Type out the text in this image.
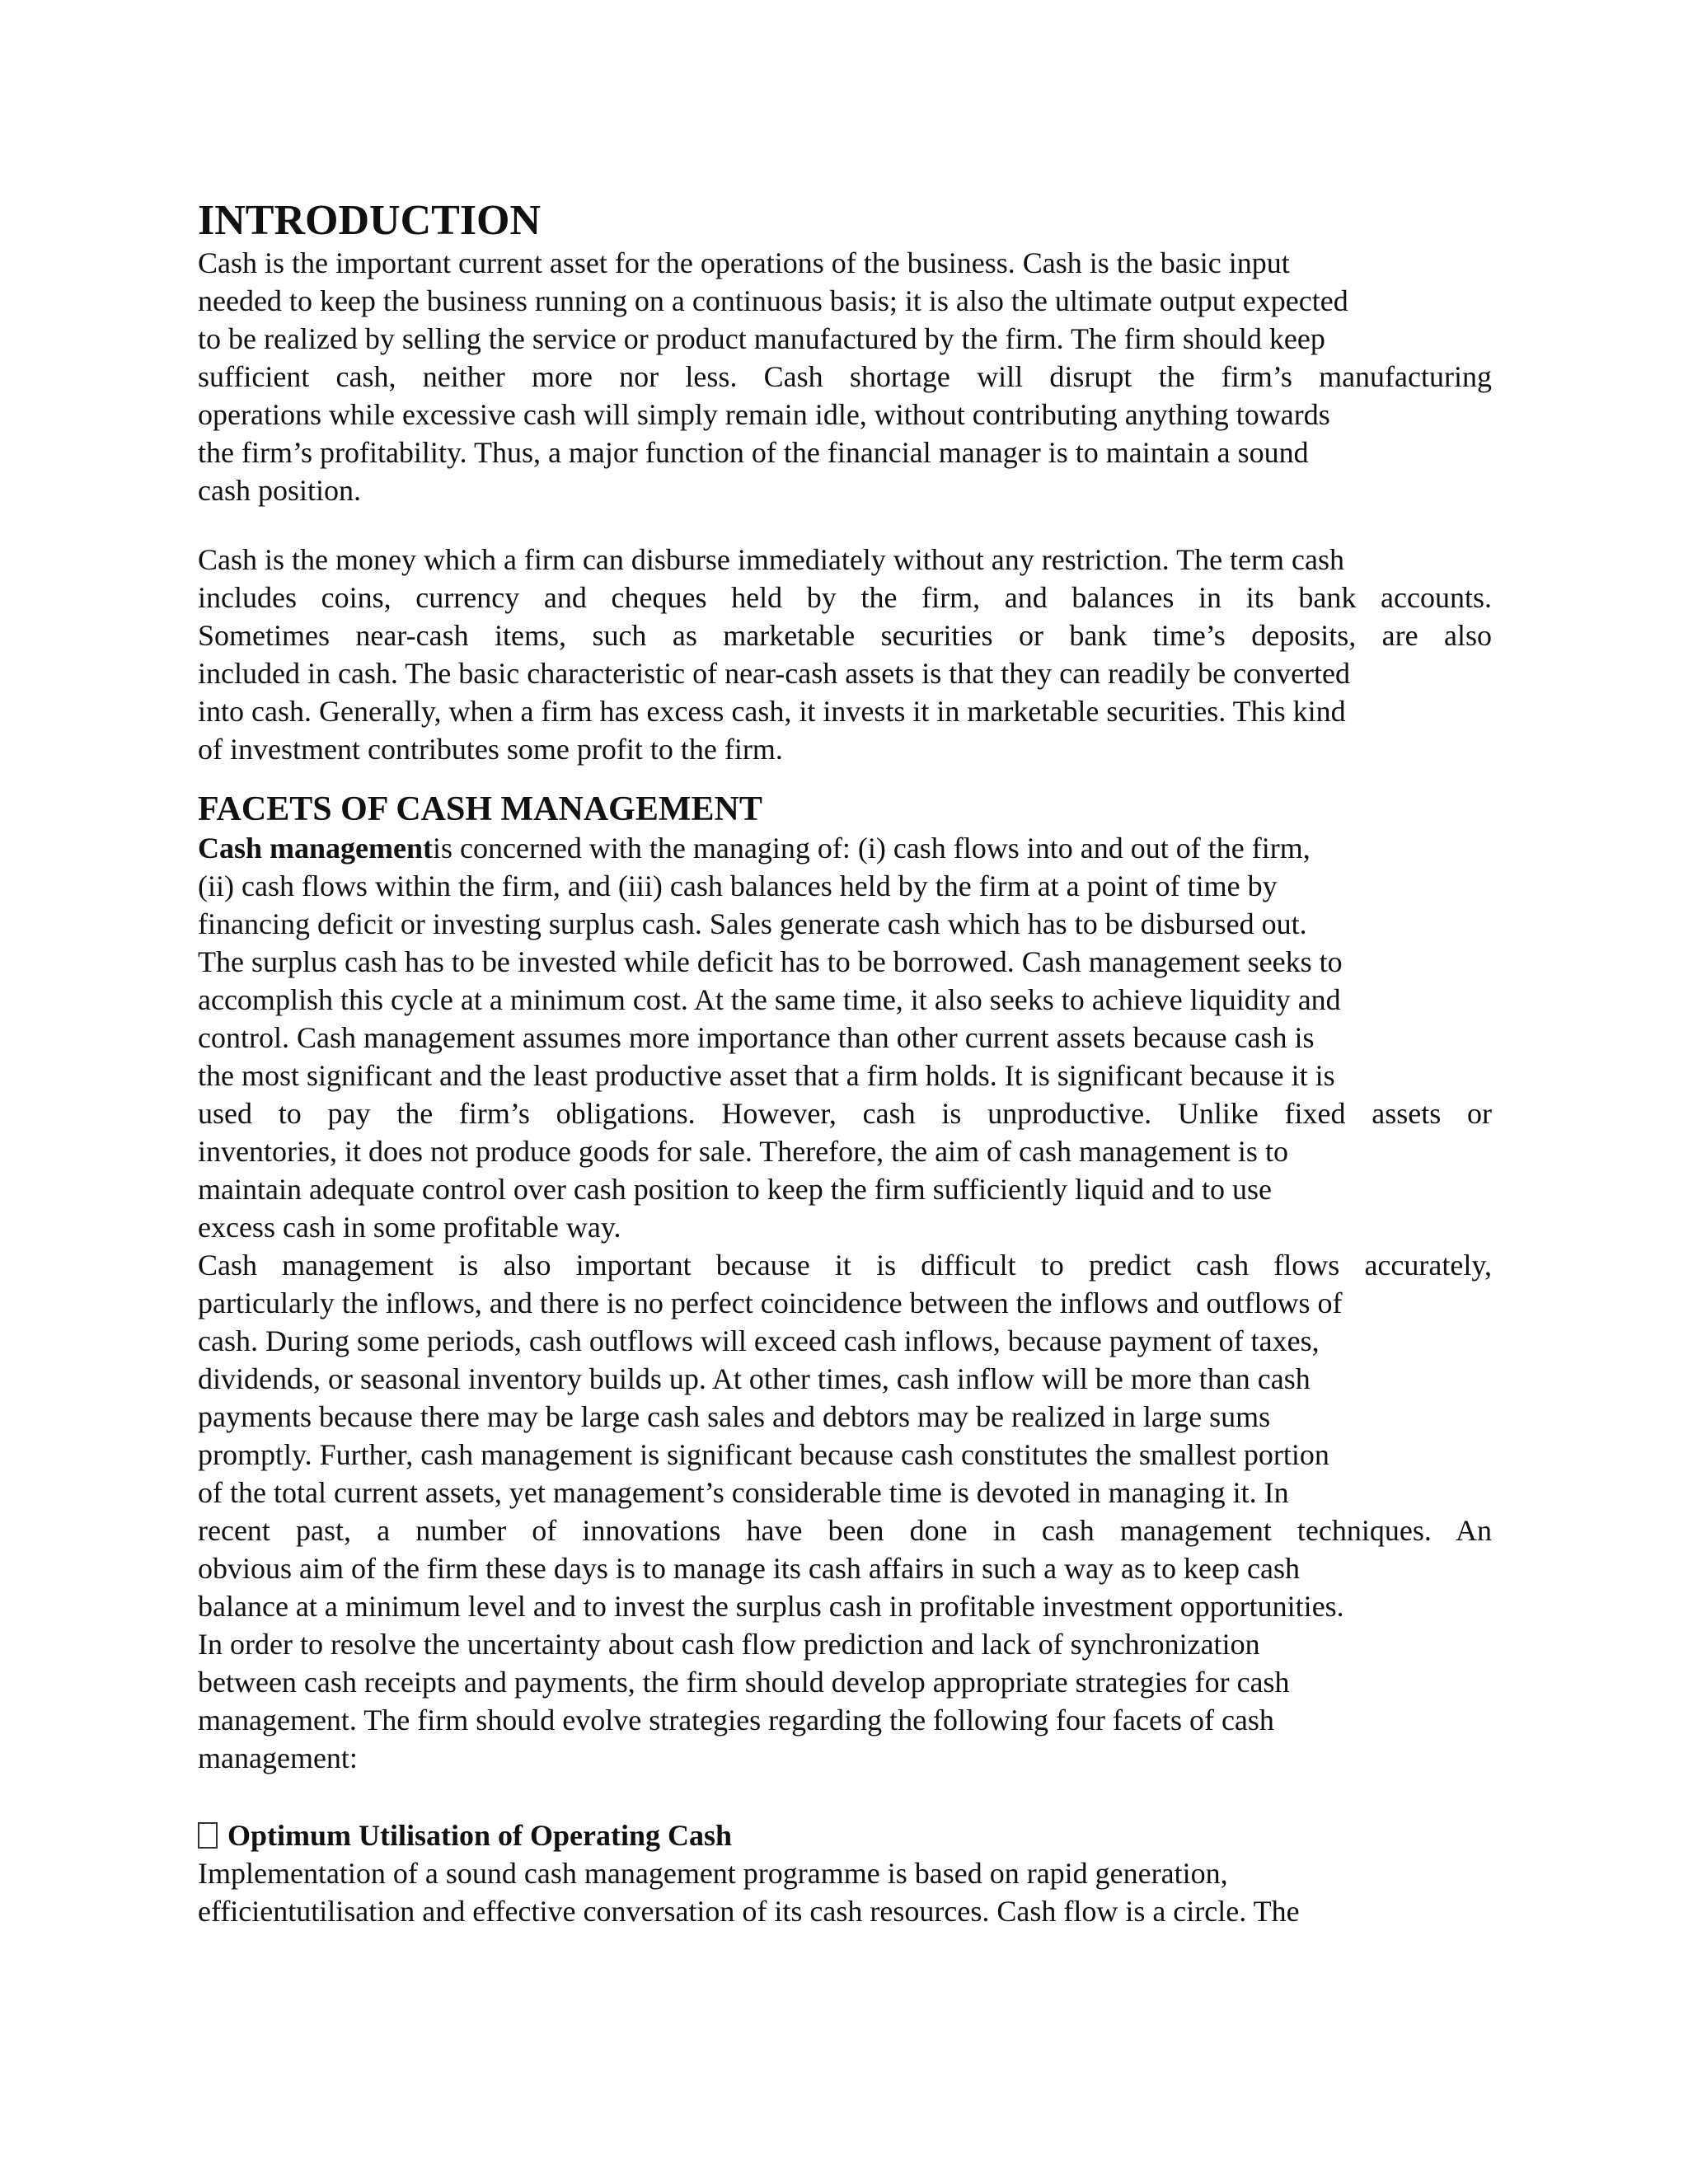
INTRODUCTION
Cash is the important current asset for the operations of the business. Cash is the basic input
needed to keep the business running on a continuous basis; it is also the ultimate output expected
to be realized by selling the service or product manufactured by the firm. The firm should keep
sufficient cash, neither more nor less. Cash shortage will disrupt the firm’s manufacturing
operations while excessive cash will simply remain idle, without contributing anything towards
the firm’s profitability. Thus, a major function of the financial manager is to maintain a sound
cash position.
Cash is the money which a firm can disburse immediately without any restriction. The term cash
includes coins, currency and cheques held by the firm, and balances in its bank accounts.
Sometimes near-cash items, such as marketable securities or bank time’s deposits, are also
included in cash. The basic characteristic of near-cash assets is that they can readily be converted
into cash. Generally, when a firm has excess cash, it invests it in marketable securities. This kind
of investment contributes some profit to the firm.
FACETS OF CASH MANAGEMENT
Cash managementis concerned with the managing of: (i) cash flows into and out of the firm,
(ii) cash flows within the firm, and (iii) cash balances held by the firm at a point of time by
financing deficit or investing surplus cash. Sales generate cash which has to be disbursed out.
The surplus cash has to be invested while deficit has to be borrowed. Cash management seeks to
accomplish this cycle at a minimum cost. At the same time, it also seeks to achieve liquidity and
control. Cash management assumes more importance than other current assets because cash is
the most significant and the least productive asset that a firm holds. It is significant because it is
used to pay the firm’s obligations. However, cash is unproductive. Unlike fixed assets or
inventories, it does not produce goods for sale. Therefore, the aim of cash management is to
maintain adequate control over cash position to keep the firm sufficiently liquid and to use
excess cash in some profitable way.
Cash management is also important because it is difficult to predict cash flows accurately,
particularly the inflows, and there is no perfect coincidence between the inflows and outflows of
cash. During some periods, cash outflows will exceed cash inflows, because payment of taxes,
dividends, or seasonal inventory builds up. At other times, cash inflow will be more than cash
payments because there may be large cash sales and debtors may be realized in large sums
promptly. Further, cash management is significant because cash constitutes the smallest portion
of the total current assets, yet management’s considerable time is devoted in managing it. In
recent past, a number of innovations have been done in cash management techniques. An
obvious aim of the firm these days is to manage its cash affairs in such a way as to keep cash
balance at a minimum level and to invest the surplus cash in profitable investment opportunities.
In order to resolve the uncertainty about cash flow prediction and lack of synchronization
between cash receipts and payments, the firm should develop appropriate strategies for cash
management. The firm should evolve strategies regarding the following four facets of cash
management:
Optimum Utilisation of Operating Cash
Implementation of a sound cash management programme is based on rapid generation,
efficientutilisation and effective conversation of its cash resources. Cash flow is a circle. The
